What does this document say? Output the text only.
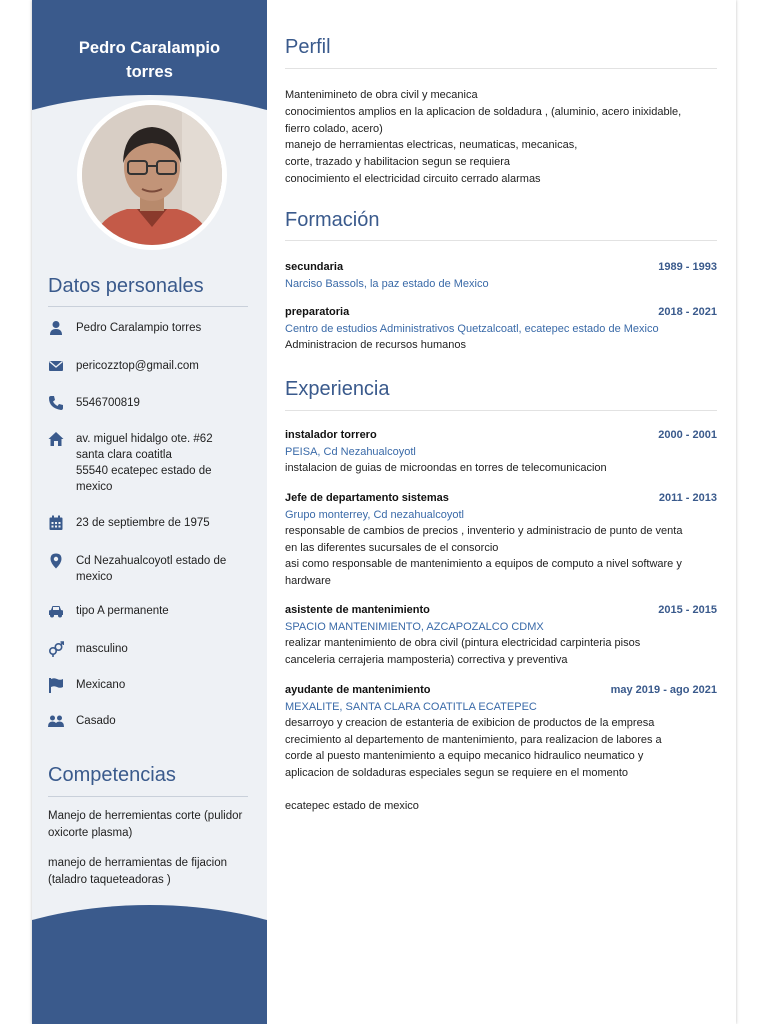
Pedro Caralampio
torres
Datos personales
Pedro Caralampio torres
pericozztop@gmail.com
5546700819
av. miguel hidalgo ote. #62
santa clara coatitla
55540 ecatepec estado de
mexico
23 de septiembre de 1975
Cd Nezahualcoyotl estado de
mexico
tipo A permanente
masculino
Mexicano
Casado
Competencias
Manejo de herremientas corte (pulidor oxicorte plasma)
manejo de herramientas de fijacion (taladro taqueteadoras )
Perfil
Manteniminetо de obra civil y mecanica
conocimientos amplios en la aplicacion de soldadura , (aluminio, acero inixidable,
fierro colado, acero)
manejo de herramientas electricas, neumaticas, mecanicas,
corte, trazado y habilitacion segun se requiera
conocimiento el electricidad circuito cerrado alarmas
Formación
secundaria	1989 - 1993
Narciso Bassols, la paz estado de Mexico
preparatoria	2018 - 2021
Centro de estudios Administrativos Quetzalcoatl, ecatepec estado de Mexico
Administracion de recursos humanos
Experiencia
instalador torrero	2000 - 2001
PEISA, Cd Nezahualcoyotl
instalacion de guias de microondas en torres de telecomunicacion
Jefe de departamento sistemas	2011 - 2013
Grupo monterrey, Cd nezahualcoyotl
responsable de cambios de precios , inventerio y administracio de punto de venta
en las diferentes sucursales de el consorcio
asi como responsable de mantenimiento a equipos de computo a nivel software y
hardware
asistente de mantenimiento	2015 - 2015
SPACIO MANTENIMIENTO, AZCAPOZALCO CDMX
realizar mantenimiento de obra civil (pintura electricidad carpinteria pisos
canceleria cerrajeria mamposteria) correctiva y preventiva
ayudante de mantenimiento	may 2019 - ago 2021
MEXALITE, SANTA CLARA COATITLA ECATEPEC
desarroyo y creacion de estanteria de exibicion de productos de la empresa
crecimiento al departemento de mantenimiento, para realizacion de labores a
corde al puesto mantenimiento a equipo mecanico hidraulico neumatico y
aplicacion de soldaduras especiales segun se requiere en el momento
ecatepec estado de mexico
